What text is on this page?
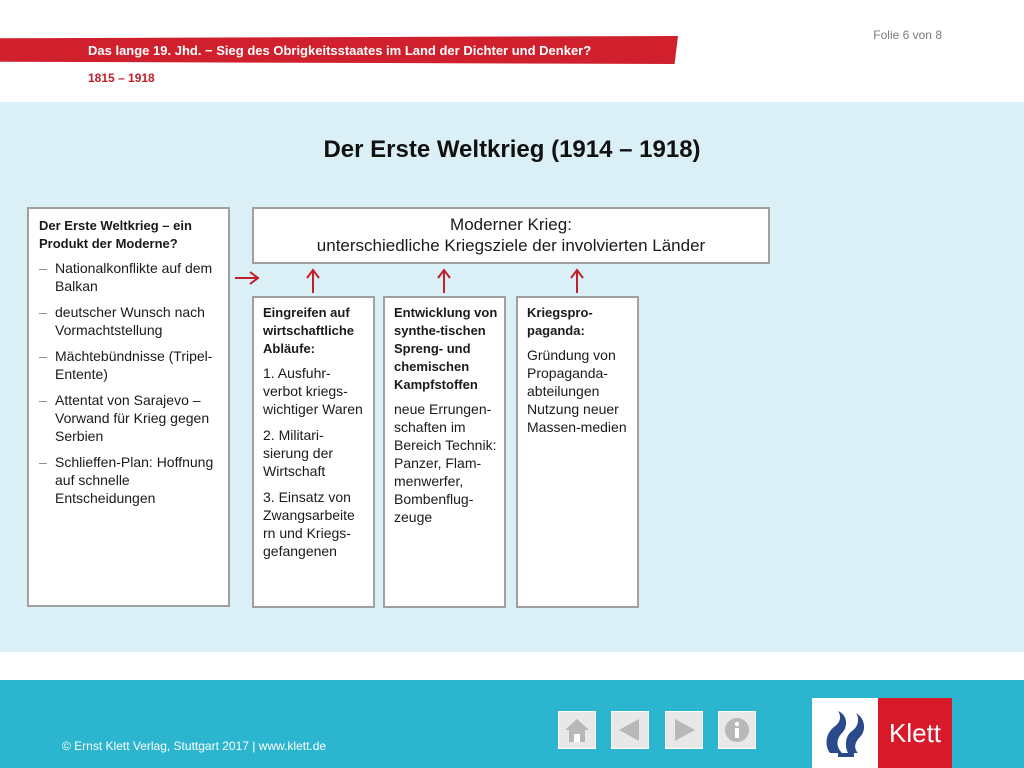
Folie 6 von 8
Das lange 19. Jhd. − Sieg des Obrigkeitsstaates im Land der Dichter und Denker?
1815 – 1918
Der Erste Weltkrieg (1914 – 1918)
Der Erste Weltkrieg – ein Produkt der Moderne?
– Nationalkonflikte auf dem Balkan
– deutscher Wunsch nach Vormachtstellung
– Mächtebündnisse (Tripel-Entente)
– Attentat von Sarajevo – Vorwand für Krieg gegen Serbien
– Schlieffen-Plan: Hoffnung auf schnelle Entscheidungen
Moderner Krieg:
unterschiedliche Kriegsziele der involvierten Länder
Eingreifen auf wirtschaftliche Abläufe:
1. Ausfuhr-verbot kriegs-wichtiger Waren
2. Militari-sierung der Wirtschaft
3. Einsatz von Zwangsarbeite rn und Kriegs-gefangenen
Entwicklung von synthe-tischen Spreng- und chemischen Kampfstoffen
neue Errungen-schaften im Bereich Technik: Panzer, Flam-menwerfer, Bombenflug-zeuge
Kriegspro-paganda:
Gründung von Propaganda-abteilungen Nutzung neuer Massen-medien
© Ernst Klett Verlag, Stuttgart 2017 | www.klett.de	Klett
